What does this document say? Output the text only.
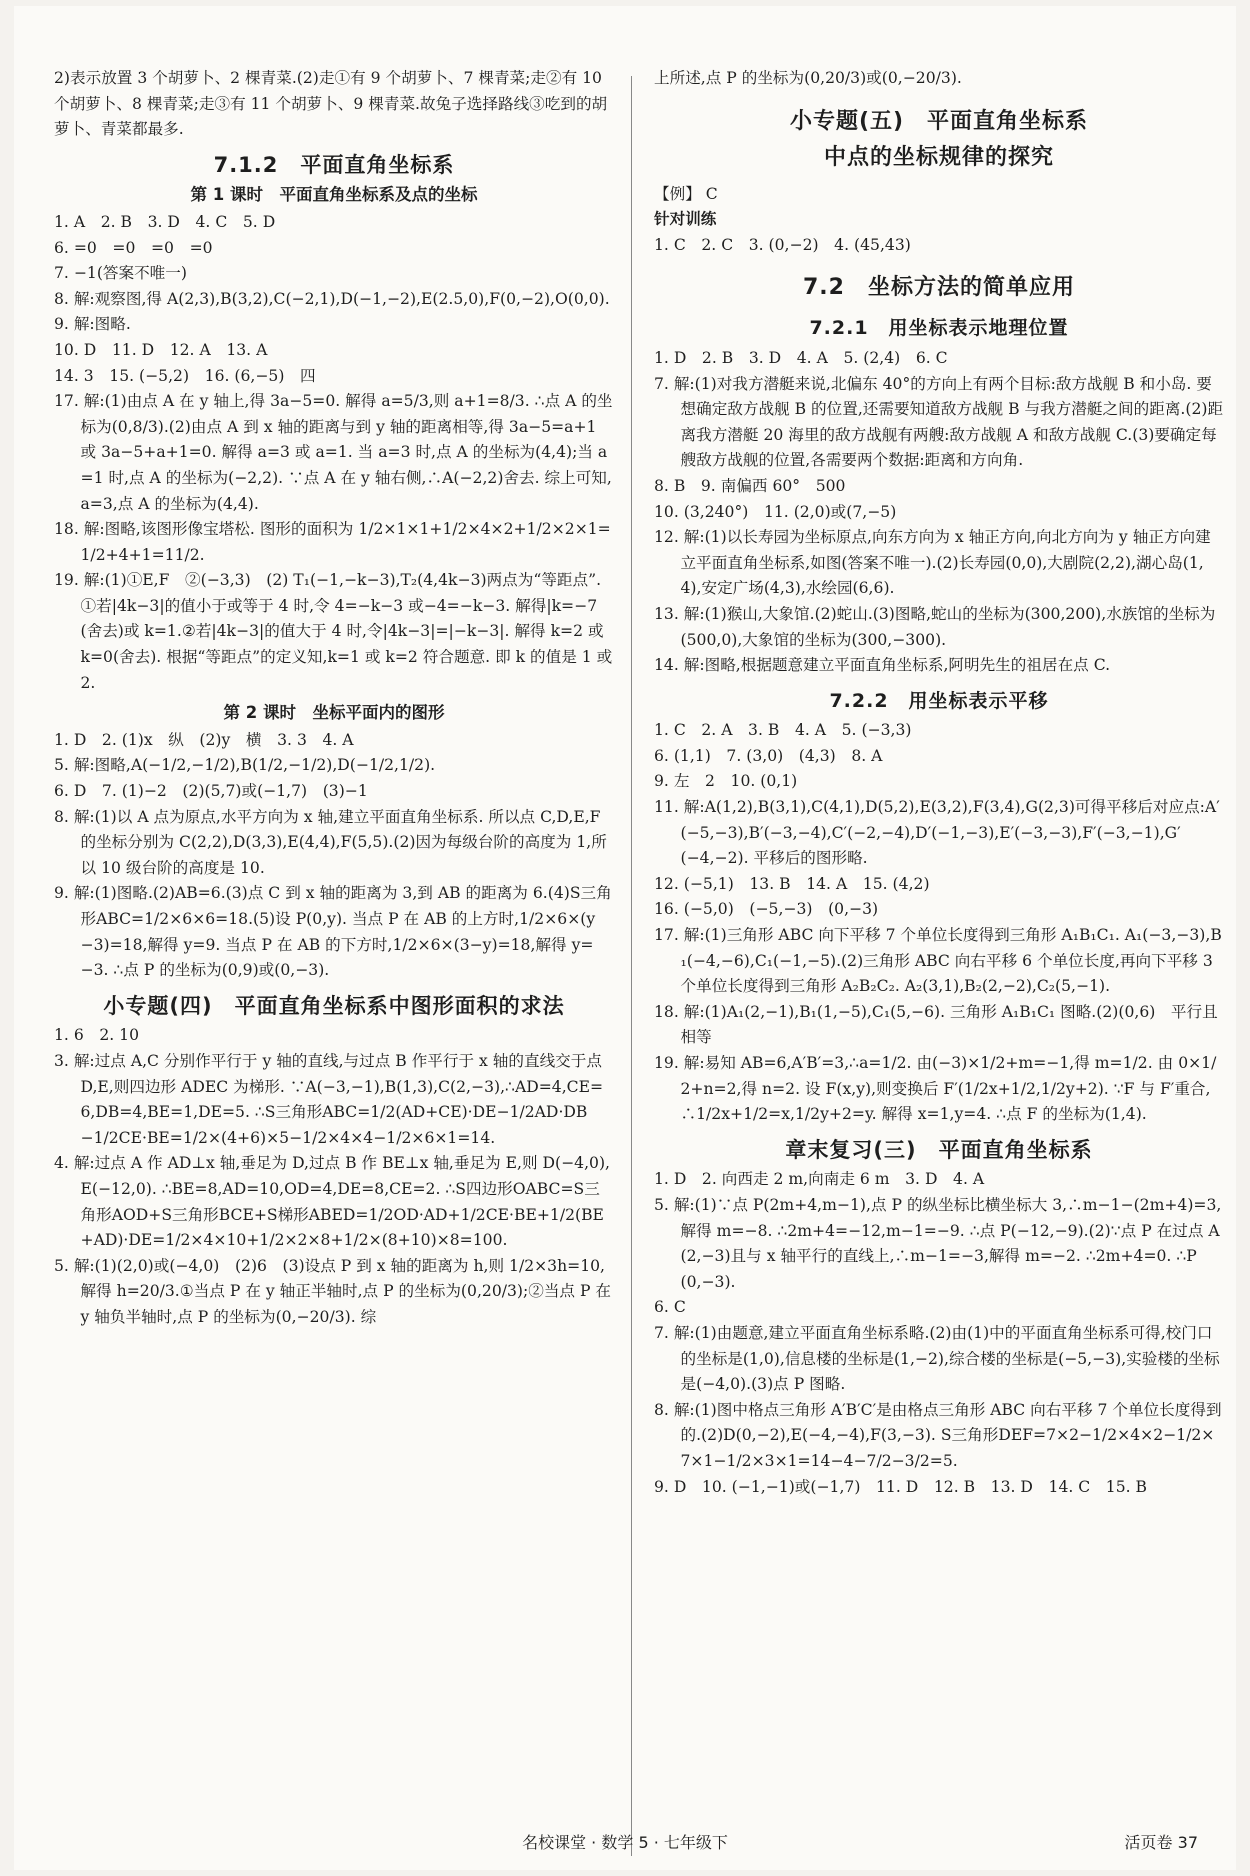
2)表示放置 3 个胡萝卜、2 棵青菜.(2)走①有 9 个胡萝卜、7 棵青菜;走②有 10 个胡萝卜、8 棵青菜;走③有 11 个胡萝卜、9 棵青菜.故兔子选择路线③吃到的胡萝卜、青菜都最多.
7.1.2　平面直角坐标系
第 1 课时　平面直角坐标系及点的坐标
1. A　2. B　3. D　4. C　5. D
6. =0　=0　=0　=0
7. −1(答案不唯一)
8. 解:观察图,得 A(2,3),B(3,2),C(−2,1),D(−1,−2),E(2.5,0),F(0,−2),O(0,0).
9. 解:图略.
10. D　11. D　12. A　13. A
14. 3　15. (−5,2)　16. (6,−5)　四
17. 解:(1)由点 A 在 y 轴上,得 3a−5=0. 解得 a=5/3,则 a+1=8/3. ∴点 A 的坐标为(0,8/3).(2)由点 A 到 x 轴的距离与到 y 轴的距离相等,得 3a−5=a+1 或 3a−5+a+1=0. 解得 a=3 或 a=1. 当 a=3 时,点 A 的坐标为(4,4);当 a=1 时,点 A 的坐标为(−2,2). ∵点 A 在 y 轴右侧,∴A(−2,2)舍去. 综上可知,a=3,点 A 的坐标为(4,4).
18. 解:图略,该图形像宝塔松. 图形的面积为 1/2×1×1+1/2×4×2+1/2×2×1=1/2+4+1=11/2.
19. 解:(1)①E,F　②(−3,3)　(2) T₁(−1,−k−3),T₂(4,4k−3)两点为“等距点”.①若|4k−3|的值小于或等于 4 时,令 4=−k−3 或−4=−k−3. 解得|k=−7(舍去)或 k=1.②若|4k−3|的值大于 4 时,令|4k−3|=|−k−3|. 解得 k=2 或 k=0(舍去). 根据“等距点”的定义知,k=1 或 k=2 符合题意. 即 k 的值是 1 或 2.
第 2 课时　坐标平面内的图形
1. D　2. (1)x　纵　(2)y　横　3. 3　4. A
5. 解:图略,A(−1/2,−1/2),B(1/2,−1/2),D(−1/2,1/2).
6. D　7. (1)−2　(2)(5,7)或(−1,7)　(3)−1
8. 解:(1)以 A 点为原点,水平方向为 x 轴,建立平面直角坐标系. 所以点 C,D,E,F 的坐标分别为 C(2,2),D(3,3),E(4,4),F(5,5).(2)因为每级台阶的高度为 1,所以 10 级台阶的高度是 10.
9. 解:(1)图略.(2)AB=6.(3)点 C 到 x 轴的距离为 3,到 AB 的距离为 6.(4)S三角形ABC=1/2×6×6=18.(5)设 P(0,y). 当点 P 在 AB 的上方时,1/2×6×(y−3)=18,解得 y=9. 当点 P 在 AB 的下方时,1/2×6×(3−y)=18,解得 y=−3. ∴点 P 的坐标为(0,9)或(0,−3).
小专题(四)　平面直角坐标系中图形面积的求法
1. 6　2. 10
3. 解:过点 A,C 分别作平行于 y 轴的直线,与过点 B 作平行于 x 轴的直线交于点 D,E,则四边形 ADEC 为梯形. ∵A(−3,−1),B(1,3),C(2,−3),∴AD=4,CE=6,DB=4,BE=1,DE=5. ∴S三角形ABC=1/2(AD+CE)·DE−1/2AD·DB−1/2CE·BE=1/2×(4+6)×5−1/2×4×4−1/2×6×1=14.
4. 解:过点 A 作 AD⊥x 轴,垂足为 D,过点 B 作 BE⊥x 轴,垂足为 E,则 D(−4,0),E(−12,0). ∴BE=8,AD=10,OD=4,DE=8,CE=2. ∴S四边形OABC=S三角形AOD+S三角形BCE+S梯形ABED=1/2OD·AD+1/2CE·BE+1/2(BE+AD)·DE=1/2×4×10+1/2×2×8+1/2×(8+10)×8=100.
5. 解:(1)(2,0)或(−4,0)　(2)6　(3)设点 P 到 x 轴的距离为 h,则 1/2×3h=10,解得 h=20/3.①当点 P 在 y 轴正半轴时,点 P 的坐标为(0,20/3);②当点 P 在 y 轴负半轴时,点 P 的坐标为(0,−20/3). 综
上所述,点 P 的坐标为(0,20/3)或(0,−20/3).
小专题(五)　平面直角坐标系
中点的坐标规律的探究
【例】 C
针对训练
1. C　2. C　3. (0,−2)　4. (45,43)
7.2　坐标方法的简单应用
7.2.1　用坐标表示地理位置
1. D　2. B　3. D　4. A　5. (2,4)　6. C
7. 解:(1)对我方潜艇来说,北偏东 40°的方向上有两个目标:敌方战舰 B 和小岛. 要想确定敌方战舰 B 的位置,还需要知道敌方战舰 B 与我方潜艇之间的距离.(2)距离我方潜艇 20 海里的敌方战舰有两艘:敌方战舰 A 和敌方战舰 C.(3)要确定每艘敌方战舰的位置,各需要两个数据:距离和方向角.
8. B　9. 南偏西 60°　500
10. (3,240°)　11. (2,0)或(7,−5)
12. 解:(1)以长寿园为坐标原点,向东方向为 x 轴正方向,向北方向为 y 轴正方向建立平面直角坐标系,如图(答案不唯一).(2)长寿园(0,0),大剧院(2,2),湖心岛(1,4),安定广场(4,3),水绘园(6,6).
13. 解:(1)猴山,大象馆.(2)蛇山.(3)图略,蛇山的坐标为(300,200),水族馆的坐标为(500,0),大象馆的坐标为(300,−300).
14. 解:图略,根据题意建立平面直角坐标系,阿明先生的祖居在点 C.
7.2.2　用坐标表示平移
1. C　2. A　3. B　4. A　5. (−3,3)
6. (1,1)　7. (3,0)　(4,3)　8. A
9. 左　2　10. (0,1)
11. 解:A(1,2),B(3,1),C(4,1),D(5,2),E(3,2),F(3,4),G(2,3)可得平移后对应点:A′(−5,−3),B′(−3,−4),C′(−2,−4),D′(−1,−3),E′(−3,−3),F′(−3,−1),G′(−4,−2). 平移后的图形略.
12. (−5,1)　13. B　14. A　15. (4,2)
16. (−5,0)　(−5,−3)　(0,−3)
17. 解:(1)三角形 ABC 向下平移 7 个单位长度得到三角形 A₁B₁C₁. A₁(−3,−3),B₁(−4,−6),C₁(−1,−5).(2)三角形 ABC 向右平移 6 个单位长度,再向下平移 3 个单位长度得到三角形 A₂B₂C₂. A₂(3,1),B₂(2,−2),C₂(5,−1).
18. 解:(1)A₁(2,−1),B₁(1,−5),C₁(5,−6). 三角形 A₁B₁C₁ 图略.(2)(0,6)　平行且相等
19. 解:易知 AB=6,A′B′=3,∴a=1/2. 由(−3)×1/2+m=−1,得 m=1/2. 由 0×1/2+n=2,得 n=2. 设 F(x,y),则变换后 F′(1/2x+1/2,1/2y+2). ∵F 与 F′重合,∴1/2x+1/2=x,1/2y+2=y. 解得 x=1,y=4. ∴点 F 的坐标为(1,4).
章末复习(三)　平面直角坐标系
1. D　2. 向西走 2 m,向南走 6 m　3. D　4. A
5. 解:(1)∵点 P(2m+4,m−1),点 P 的纵坐标比横坐标大 3,∴m−1−(2m+4)=3,解得 m=−8. ∴2m+4=−12,m−1=−9. ∴点 P(−12,−9).(2)∵点 P 在过点 A(2,−3)且与 x 轴平行的直线上,∴m−1=−3,解得 m=−2. ∴2m+4=0. ∴P(0,−3).
6. C
7. 解:(1)由题意,建立平面直角坐标系略.(2)由(1)中的平面直角坐标系可得,校门口的坐标是(1,0),信息楼的坐标是(1,−2),综合楼的坐标是(−5,−3),实验楼的坐标是(−4,0).(3)点 P 图略.
8. 解:(1)图中格点三角形 A′B′C′是由格点三角形 ABC 向右平移 7 个单位长度得到的.(2)D(0,−2),E(−4,−4),F(3,−3). S三角形DEF=7×2−1/2×4×2−1/2×7×1−1/2×3×1=14−4−7/2−3/2=5.
9. D　10. (−1,−1)或(−1,7)　11. D　12. B　13. D　14. C　15. B
名校课堂 · 数学 5 · 七年级下	活页卷 37
